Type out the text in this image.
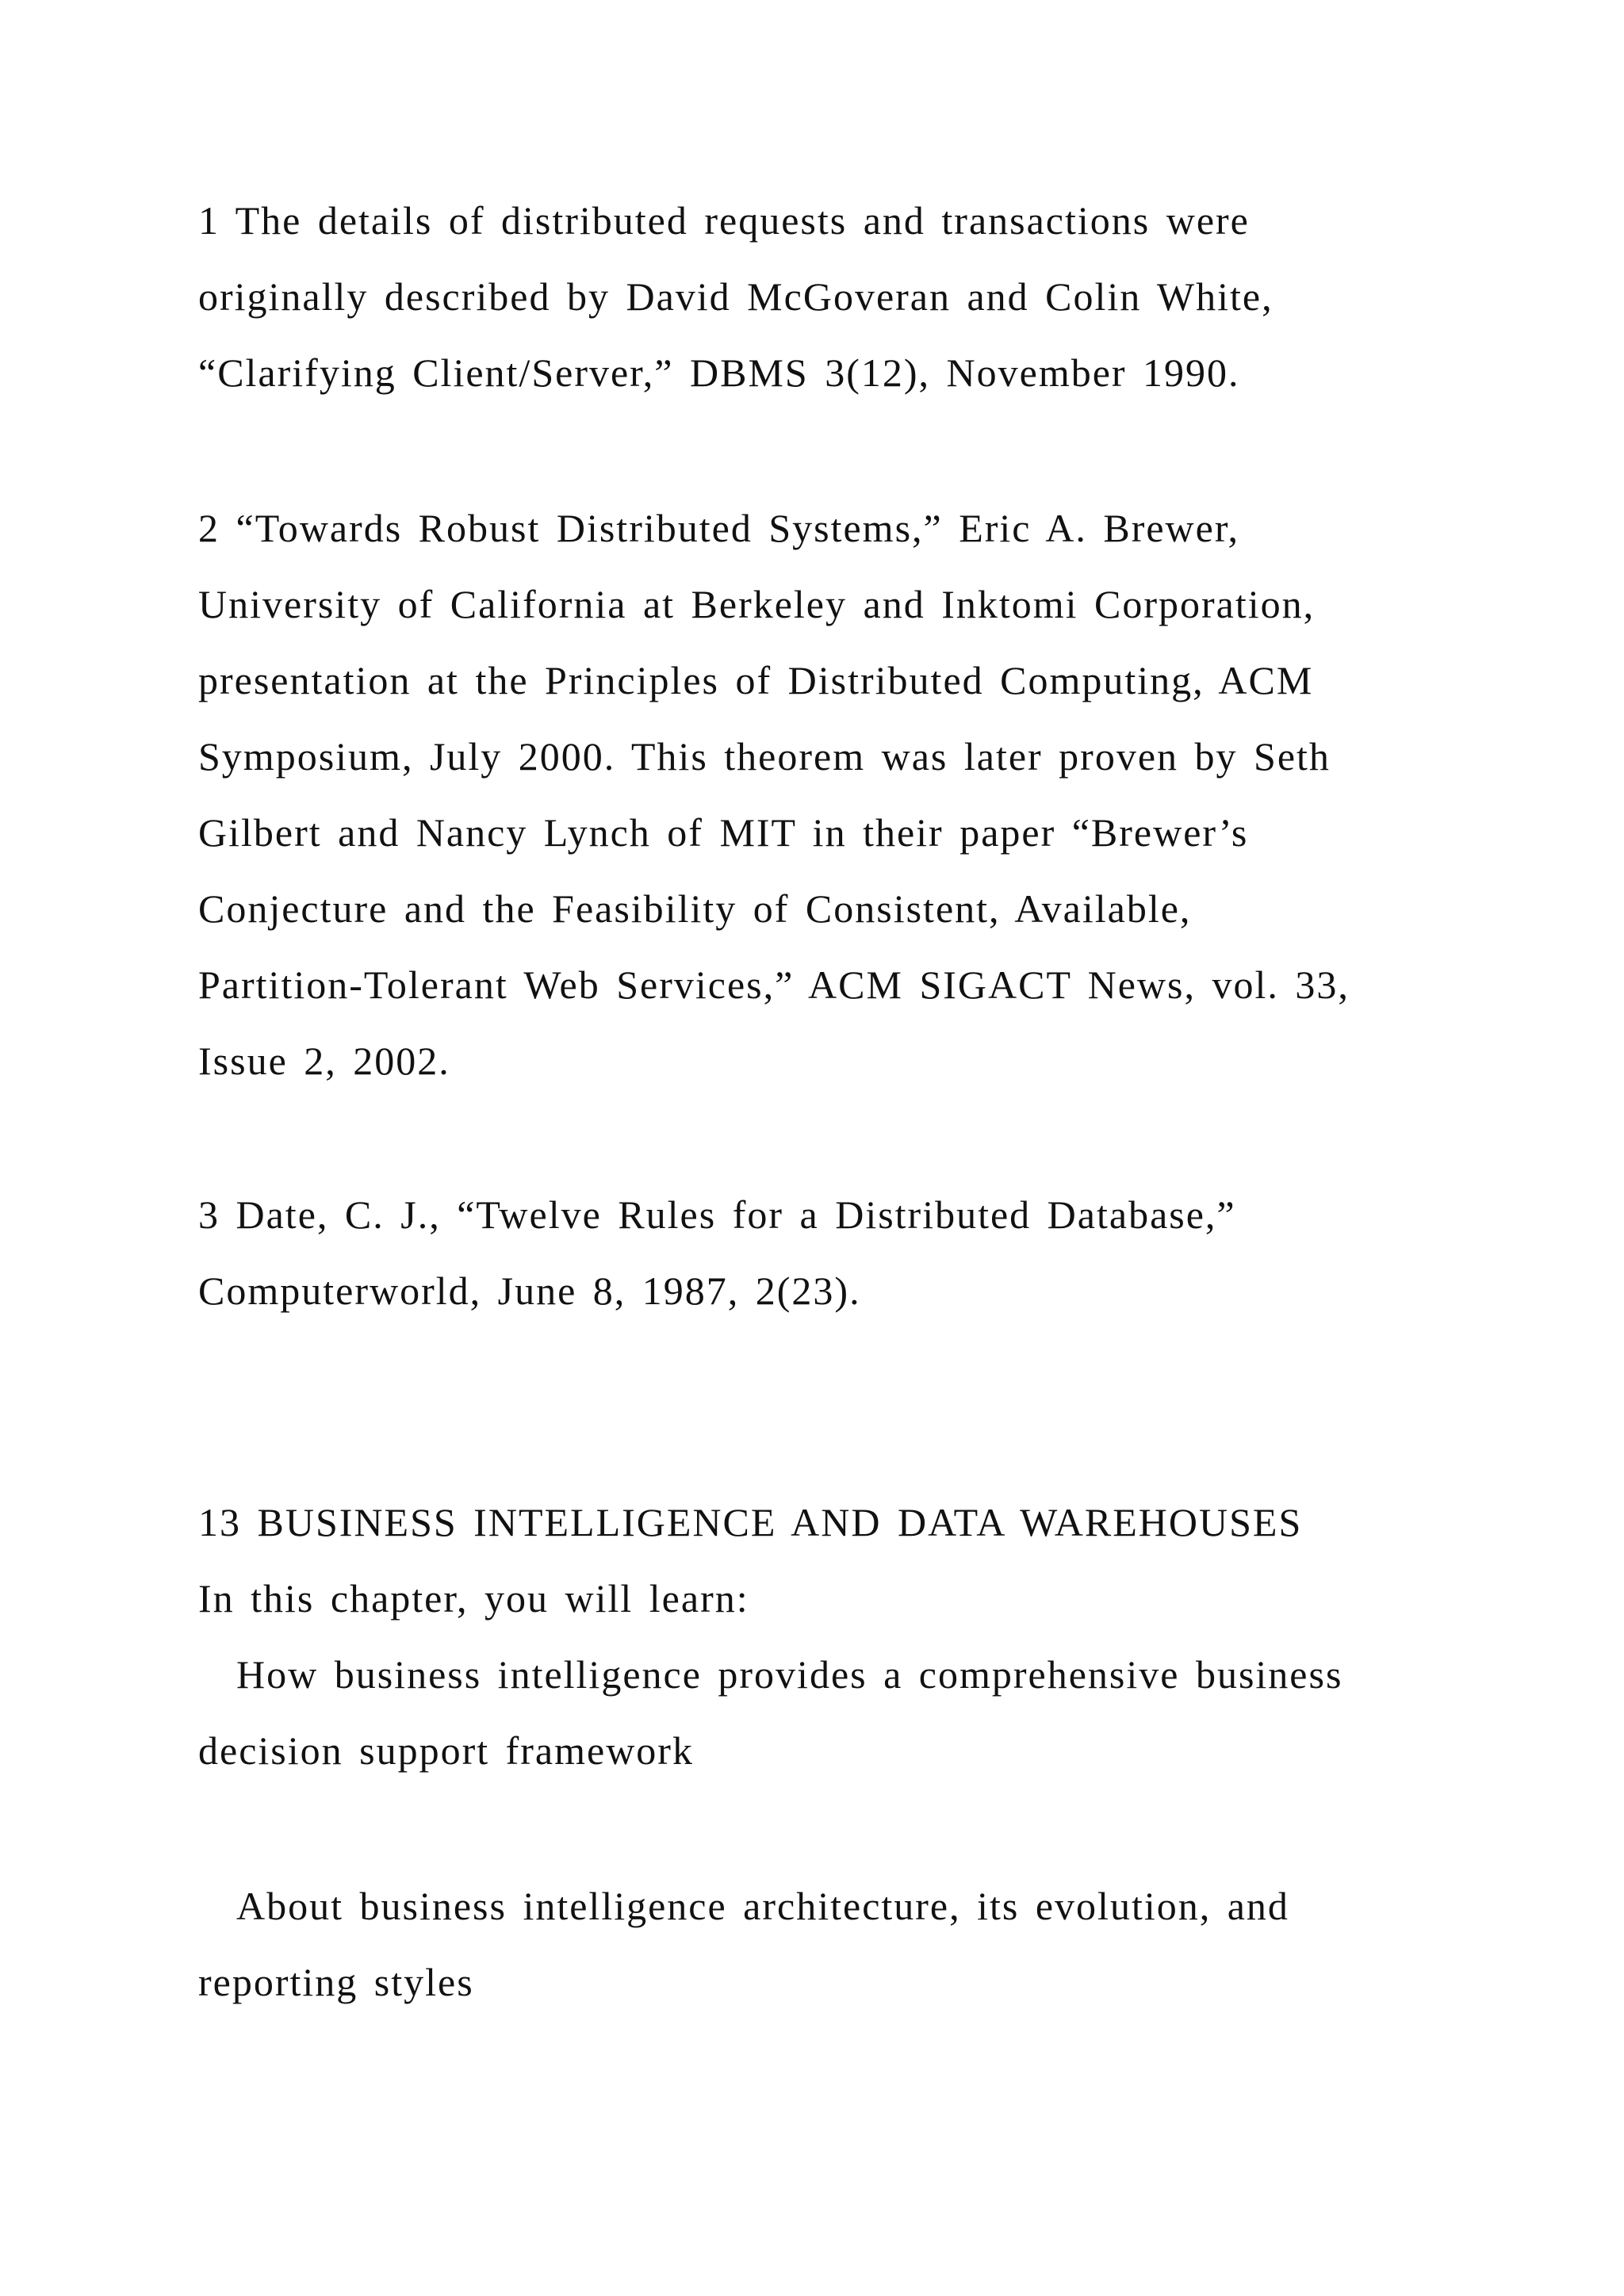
1 The details of distributed requests and transactions were

originally described by David McGoveran and Colin White,

“Clarifying Client/Server,” DBMS 3(12), November 1990.

2 “Towards Robust Distributed Systems,” Eric A. Brewer,

University of California at Berkeley and Inktomi Corporation,

presentation at the Principles of Distributed Computing, ACM

Symposium, July 2000. This theorem was later proven by Seth

Gilbert and Nancy Lynch of MIT in their paper “Brewer’s

Conjecture and the Feasibility of Consistent, Available,

Partition-Tolerant Web Services,” ACM SIGACT News, vol. 33,

Issue 2, 2002.

3 Date, C. J., “Twelve Rules for a Distributed Database,”

Computerworld, June 8, 1987, 2(23).

13 BUSINESS INTELLIGENCE AND DATA WAREHOUSES

In this chapter, you will learn:

How business intelligence provides a comprehensive business

decision support framework

About business intelligence architecture, its evolution, and

reporting styles
